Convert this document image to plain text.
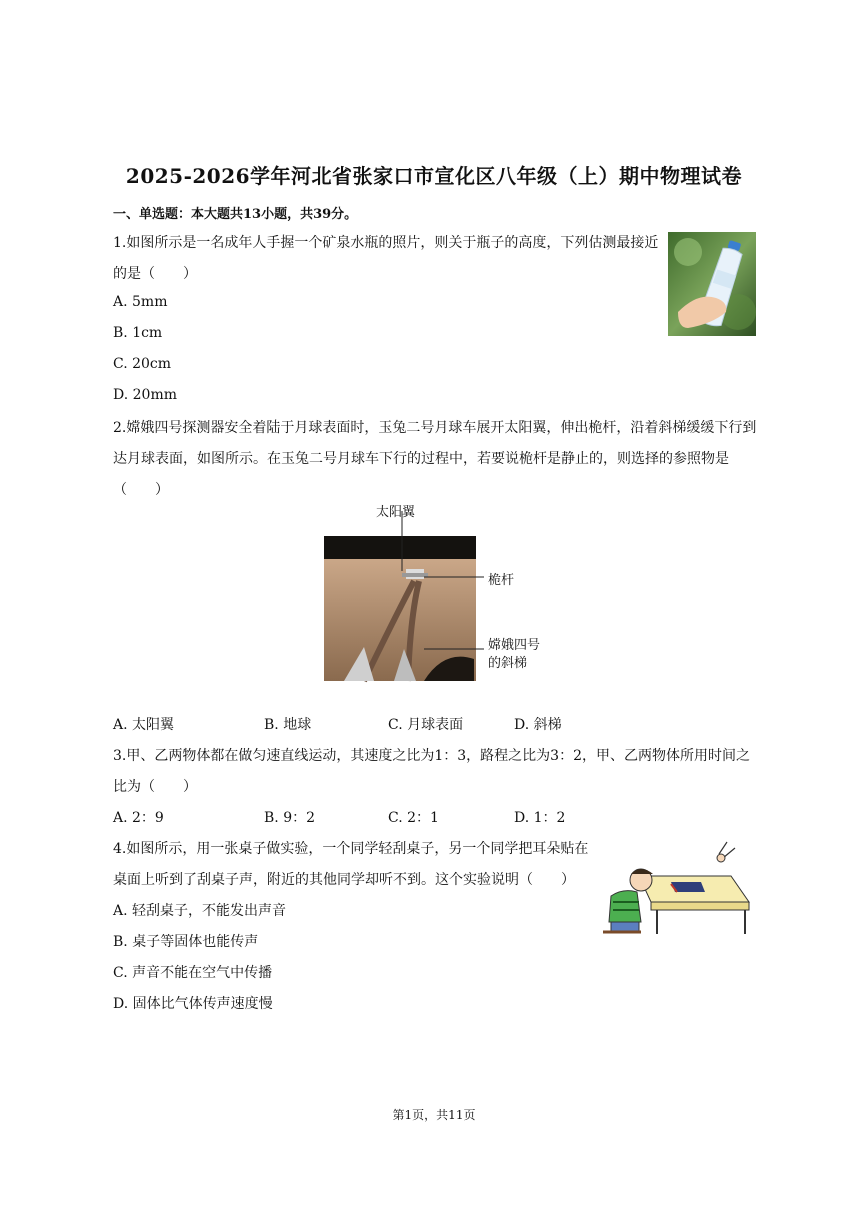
2025-2026学年河北省张家口市宣化区八年级（上）期中物理试卷
一、单选题：本大题共13小题，共39分。
1.如图所示是一名成年人手握一个矿泉水瓶的照片，则关于瓶子的高度，下列估测最接近
的是（　　）
A. 5mm
B. 1cm
C. 20cm
D. 20mm
2.嫦娥四号探测器安全着陆于月球表面时，玉兔二号月球车展开太阳翼，伸出桅杆，沿着斜梯缓缓下行到
达月球表面，如图所示。在玉兔二号月球车下行的过程中，若要说桅杆是静止的，则选择的参照物是
（　　）
太阳翼
桅杆
嫦娥四号
的斜梯
A. 太阳翼	B. 地球	C. 月球表面	D. 斜梯
3.甲、乙两物体都在做匀速直线运动，其速度之比为1：3，路程之比为3：2，甲、乙两物体所用时间之
比为（　　）
A. 2：9	B. 9：2	C. 2：1	D. 1：2
4.如图所示，用一张桌子做实验，一个同学轻刮桌子，另一个同学把耳朵贴在
桌面上听到了刮桌子声，附近的其他同学却听不到。这个实验说明（　　）
A. 轻刮桌子，不能发出声音
B. 桌子等固体也能传声
C. 声音不能在空气中传播
D. 固体比气体传声速度慢
第1页，共11页
